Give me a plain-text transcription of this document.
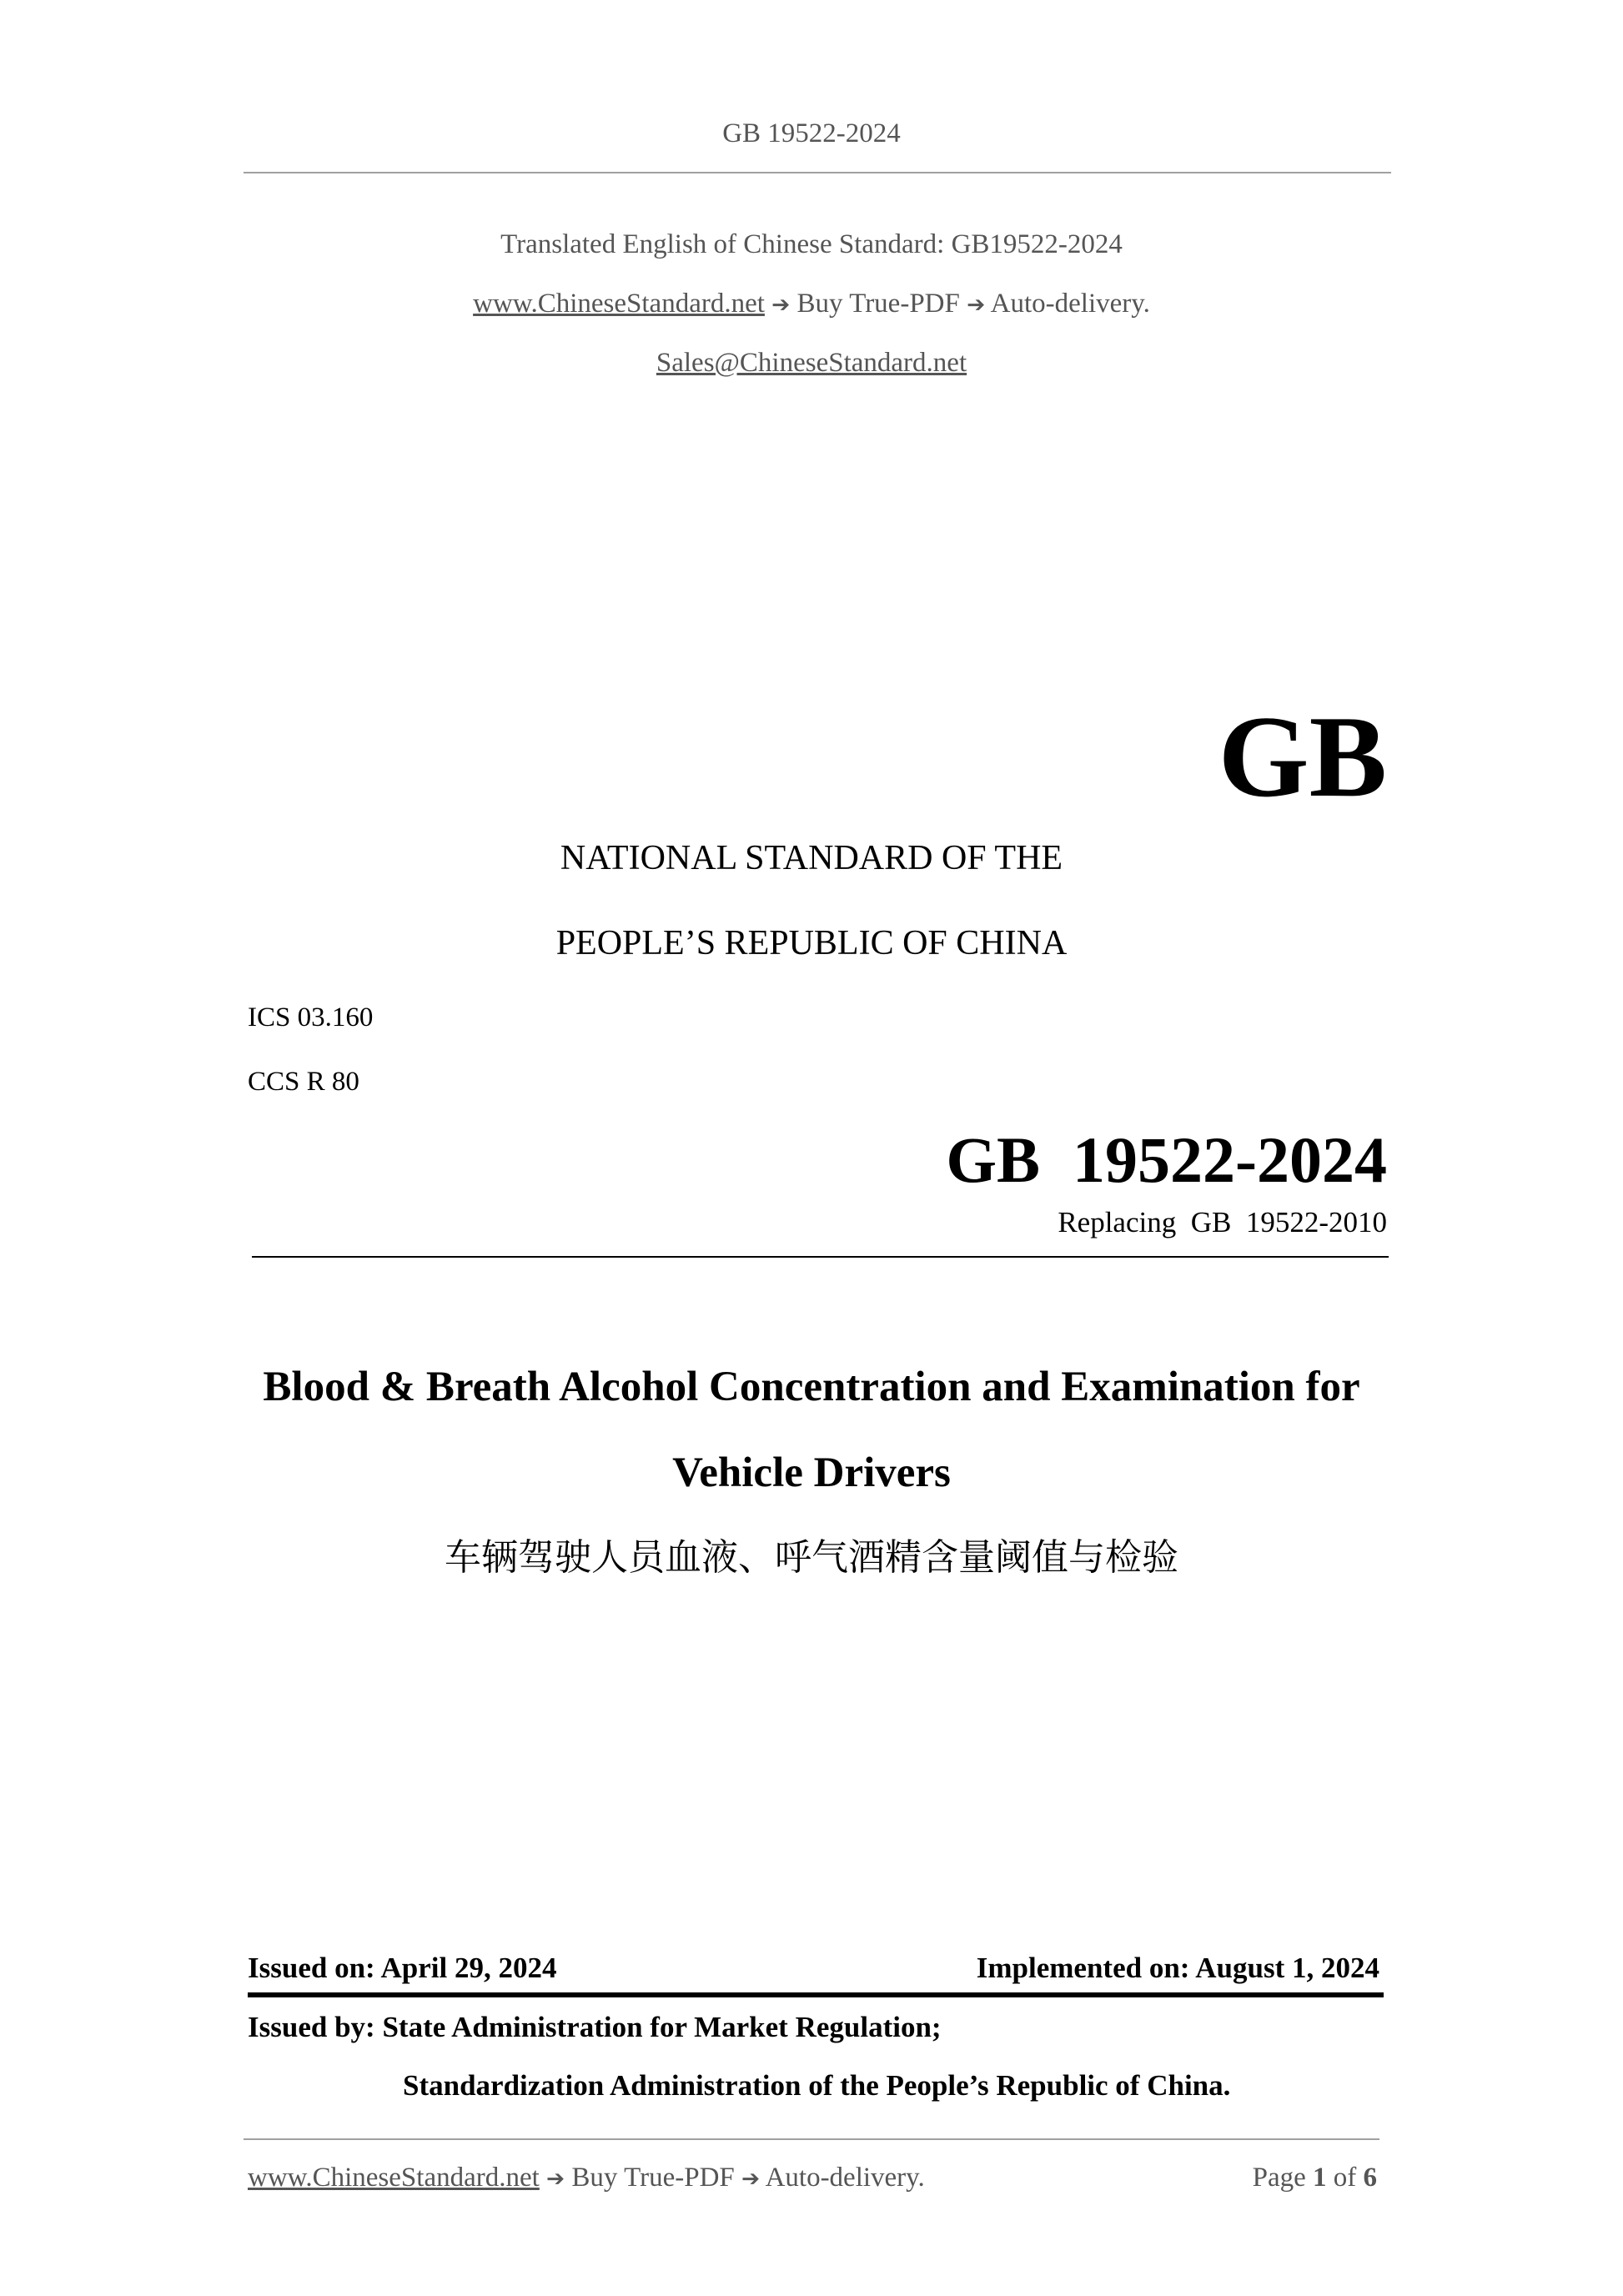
GB 19522-2024
Translated English of Chinese Standard: GB19522-2024
www.ChineseStandard.net ➔ Buy True-PDF ➔ Auto-delivery.
Sales@ChineseStandard.net
GB
NATIONAL STANDARD OF THE
PEOPLE’S REPUBLIC OF CHINA
ICS 03.160
CCS R 80
GB  19522-2024
Replacing  GB  19522-2010
Blood & Breath Alcohol Concentration and Examination for
Vehicle Drivers
车辆驾驶人员血液、呼气酒精含量阈值与检验
Issued on: April 29, 2024	Implemented on: August 1, 2024
Issued by: State Administration for Market Regulation;
Standardization Administration of the People’s Republic of China.
www.ChineseStandard.net ➔ Buy True-PDF ➔ Auto-delivery.	Page 1 of 6
